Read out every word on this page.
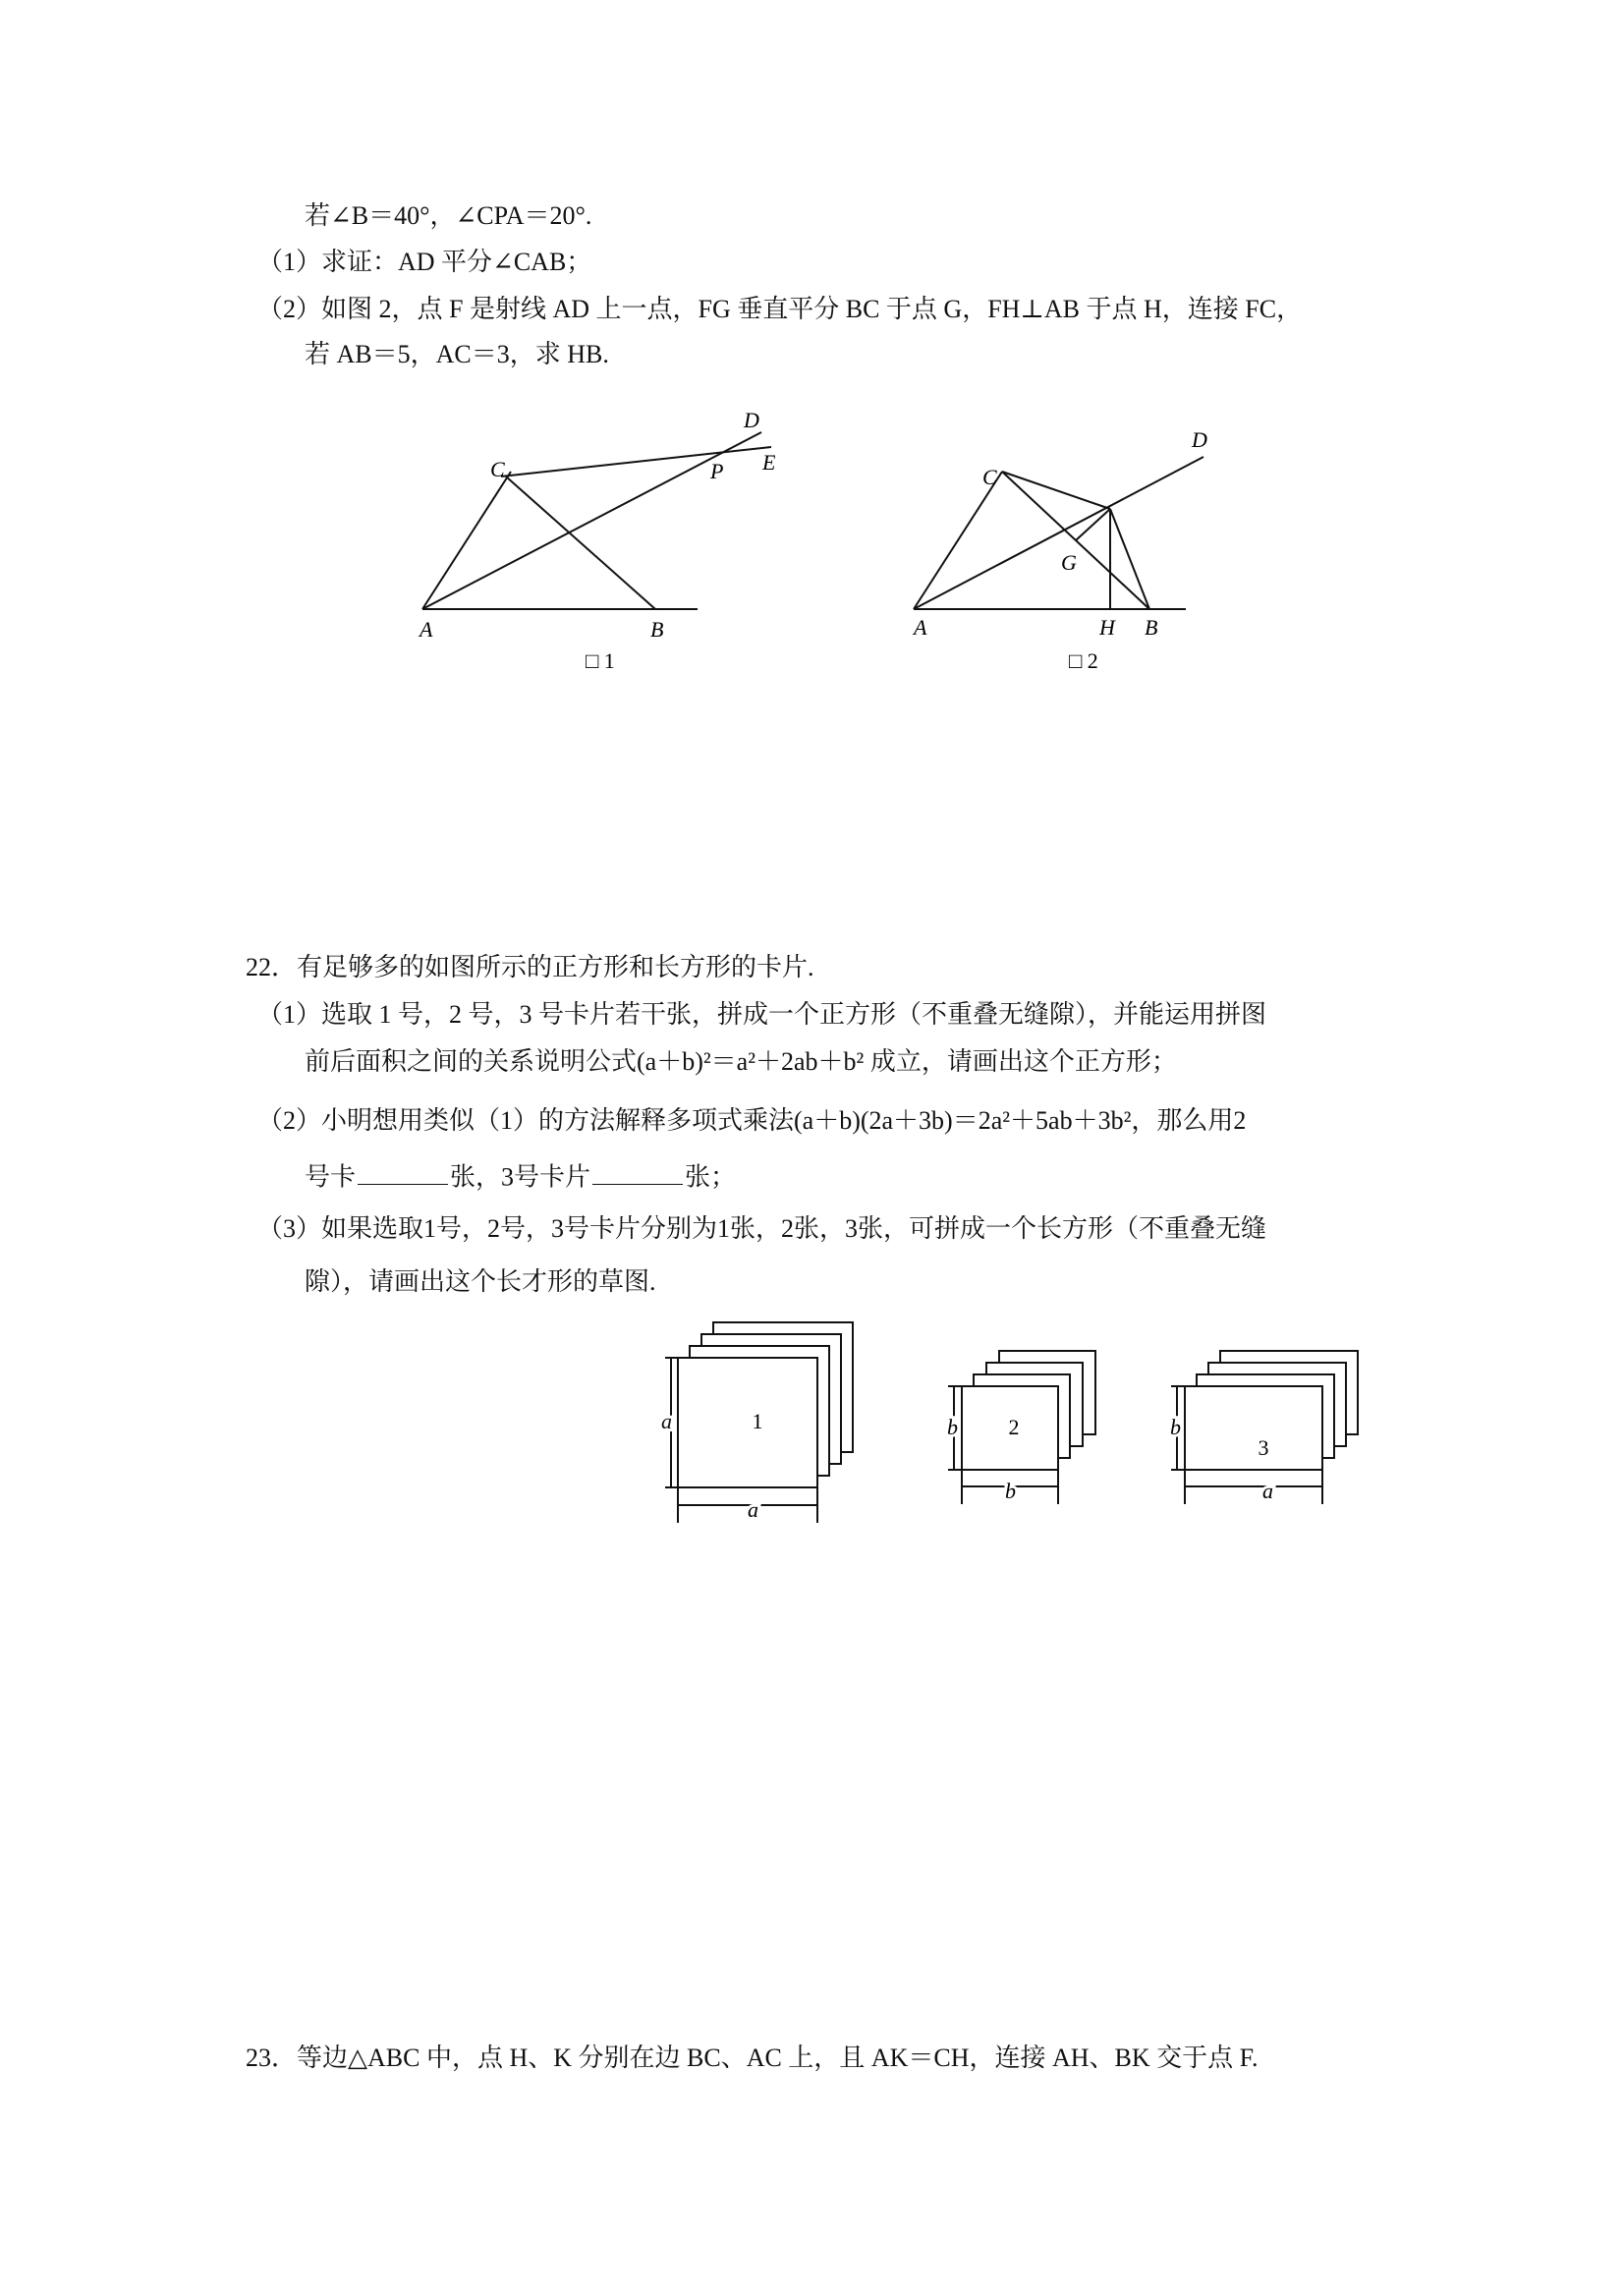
若∠B＝40°，∠CPA＝20°.
（1）求证：AD 平分∠CAB；
（2）如图 2，点 F 是射线 AD 上一点，FG 垂直平分 BC 于点 G，FH⊥AB 于点 H，连接 FC，
若 AB＝5，AC＝3，求 HB.
A	B
C
D
E
P
□ 1
A	B
C
D
G
H
□ 2
22．有足够多的如图所示的正方形和长方形的卡片.
（1）选取 1 号，2 号，3 号卡片若干张，拼成一个正方形（不重叠无缝隙），并能运用拼图
前后面积之间的关系说明公式(a＋b)²＝a²＋2ab＋b² 成立，请画出这个正方形；
（2）小明想用类似（1）的方法解释多项式乘法(a＋b)(2a＋3b)＝2a²＋5ab＋3b²，那么用2
号卡	张，3号卡片	张；
（3）如果选取1号，2号，3号卡片分别为1张，2张，3张，可拼成一个长方形（不重叠无缝
隙），请画出这个长才形的草图.
1
a
a
2
b
b
3
b
a
23．等边△ABC 中，点 H、K 分别在边 BC、AC 上，且 AK＝CH，连接 AH、BK 交于点 F.
